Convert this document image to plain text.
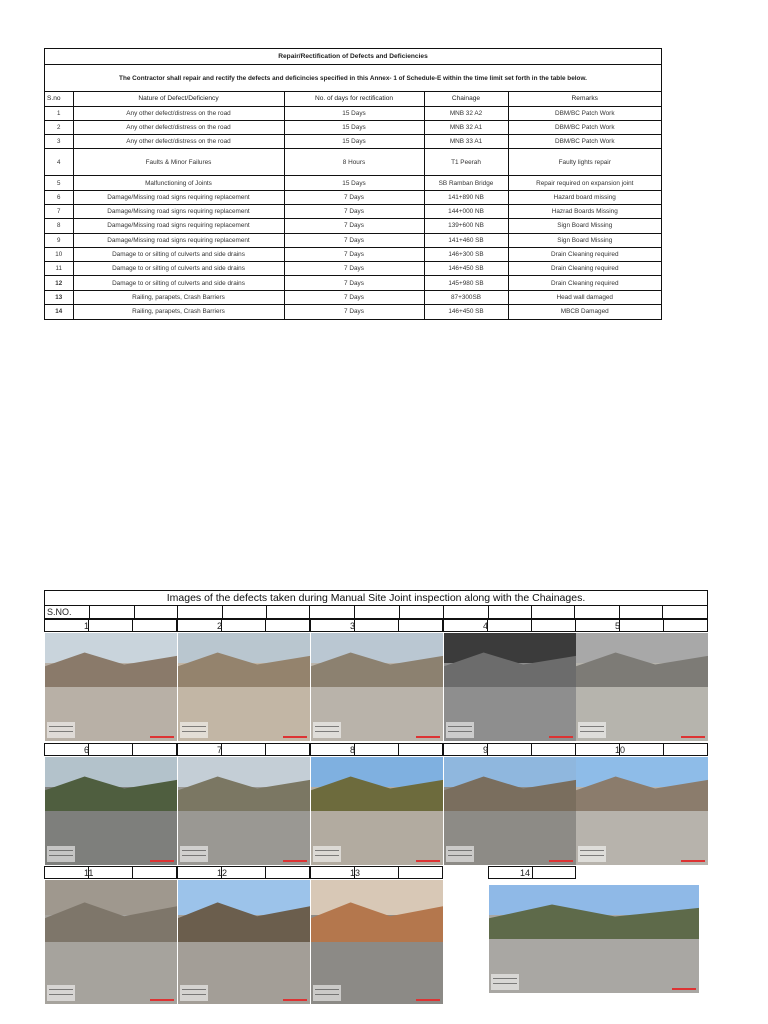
Repair/Rectification of Defects and Deficiencies
The Contractor shall repair and rectify the defects and deficincies specified in this Annex- 1 of Schedule-E within the time limit set forth in the table below.
S.no	Nature of Defect/Deficiency	No. of days for rectification	Chainage	Remarks
1	Any other defect/distress on the road	15 Days	MNB 32 A2	DBM/BC Patch Work
2	Any other defect/distress on the road	15 Days	MNB 32 A1	DBM/BC Patch Work
3	Any other defect/distress on the road	15 Days	MNB 33 A1	DBM/BC Patch Work
4	Faults & Minor Failures	8 Hours	T1 Peerah	Faulty lights repair
5	Malfunctioning of Joints	15 Days	SB Ramban Bridge	Repair required on expansion joint
6	Damage/Missing road signs requiring replacement	7 Days	141+890 NB	Hazard board missing
7	Damage/Missing road signs requiring replacement	7 Days	144+000 NB	Hazrad Boards Missing
8	Damage/Missing road signs requiring replacement	7 Days	139+600 NB	Sign Board Missing
9	Damage/Missing road signs requiring replacement	7 Days	141+460 SB	Sign Board Missing
10	Damage to or silting of culverts and side drains	7 Days	146+300 SB	Drain Cleaning required
11	Damage to or silting of culverts and side drains	7 Days	146+450 SB	Drain Cleaning required
12	Damage to or silting of culverts and side drains	7 Days	145+980 SB	Drain Cleaning required
13	Railing, parapets, Crash Barriers	7 Days	87+300SB	Head wall damaged
14	Railing, parapets, Crash Barriers	7 Days	146+450 SB	MBCB Damaged
Images of the defects taken during Manual Site Joint inspection along with the Chainages.
S.NO.
1	2	3	4	5
6	7	8	9	10
11	12	13	14
